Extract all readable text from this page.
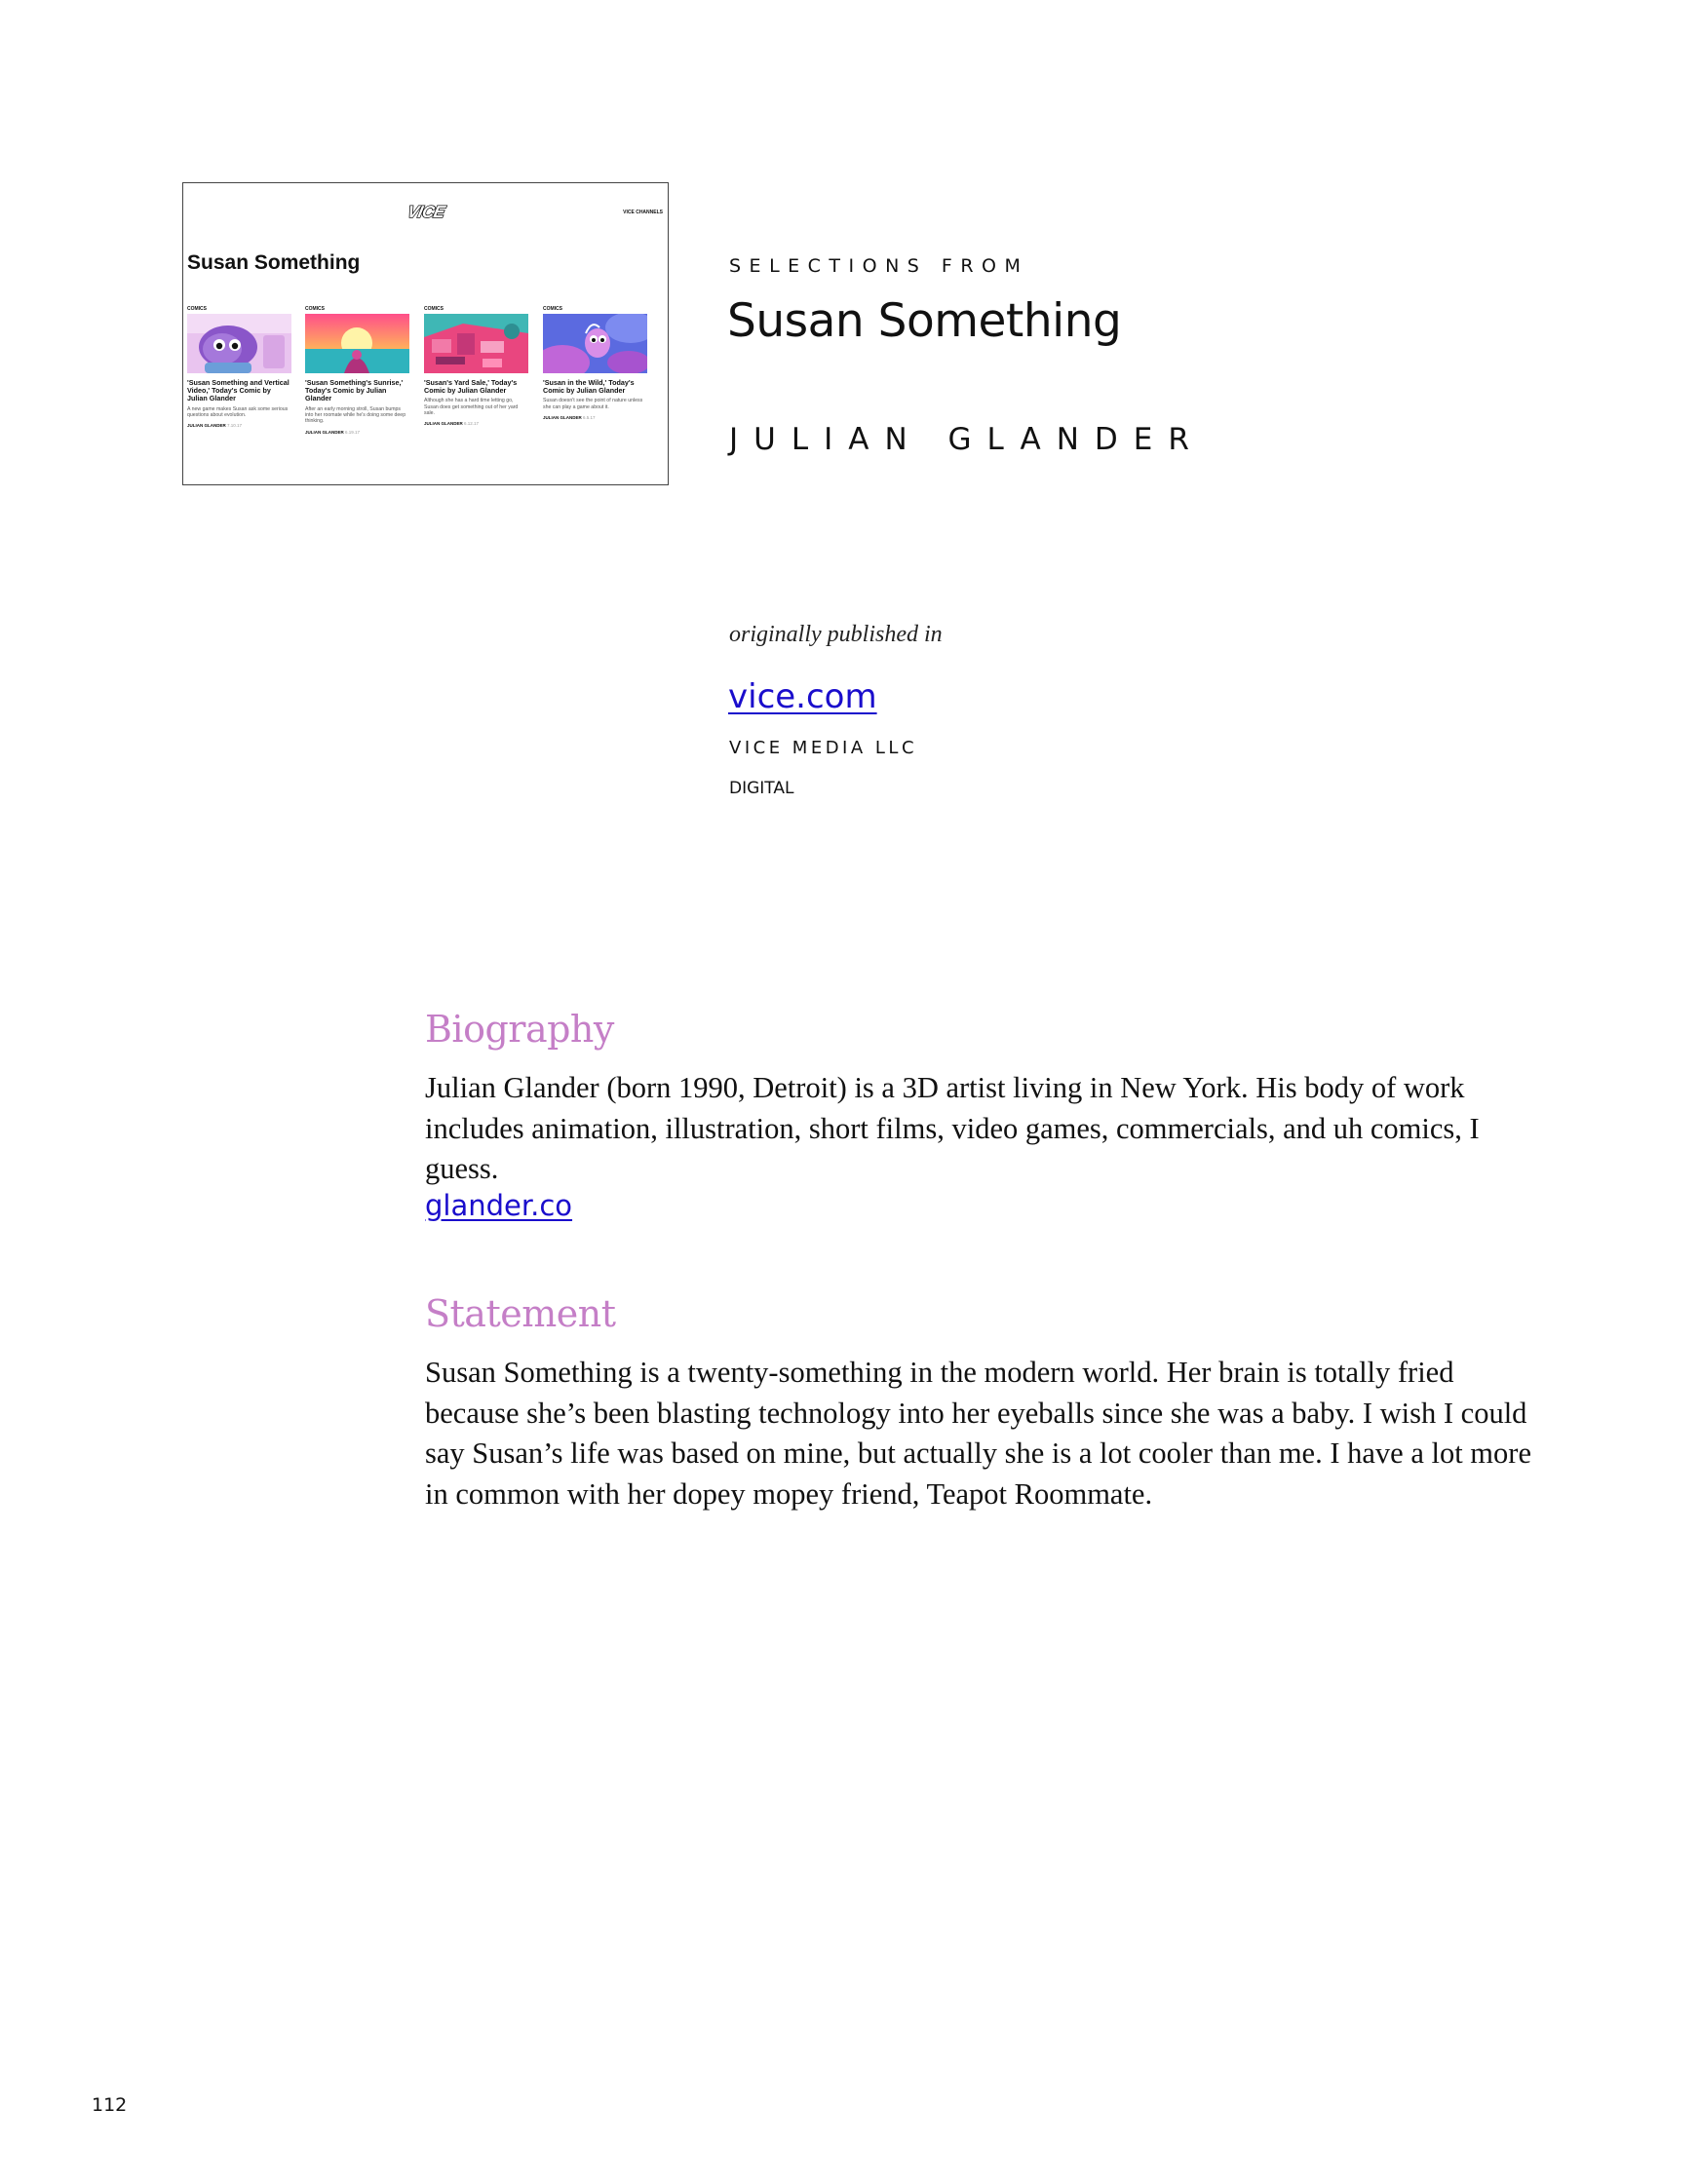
VICE	VICE CHANNELS
Susan Something
COMICS
'Susan Something and Vertical Video,' Today's Comic by Julian Glander
A new game makes Susan ask some serious questions about evolution.
JULIAN GLANDER 7.10.17
COMICS
'Susan Something's Sunrise,' Today's Comic by Julian Glander
After an early morning stroll, Susan bumps into her roomate while he's doing some deep thinking.
JULIAN GLANDER 6.19.17
COMICS
'Susan's Yard Sale,' Today's Comic by Julian Glander
Although she has a hard time letting go, Susan does get something out of her yard sale.
JULIAN GLANDER 6.12.17
COMICS
'Susan in the Wild,' Today's Comic by Julian Glander
Susan doesn't see the point of nature unless she can play a game about it.
JULIAN GLANDER 6.5.17
SELECTIONS FROM
Susan Something
JULIAN GLANDER
originally published in
vice.com
VICE MEDIA LLC
DIGITAL
Biography

Julian Glander (born 1990, Detroit) is a 3D artist living in New York. His body of work includes animation, illustration, short films, video games, commercials, and uh comics, I guess.

glander.co
Statement

Susan Something is a twenty-something in the modern world. Her brain is totally fried because she’s been blasting technology into her eyeballs since she was a baby. I wish I could say Susan’s life was based on mine, but actually she is a lot cooler than me. I have a lot more in common with her dopey mopey friend, Teapot Roommate.

112
